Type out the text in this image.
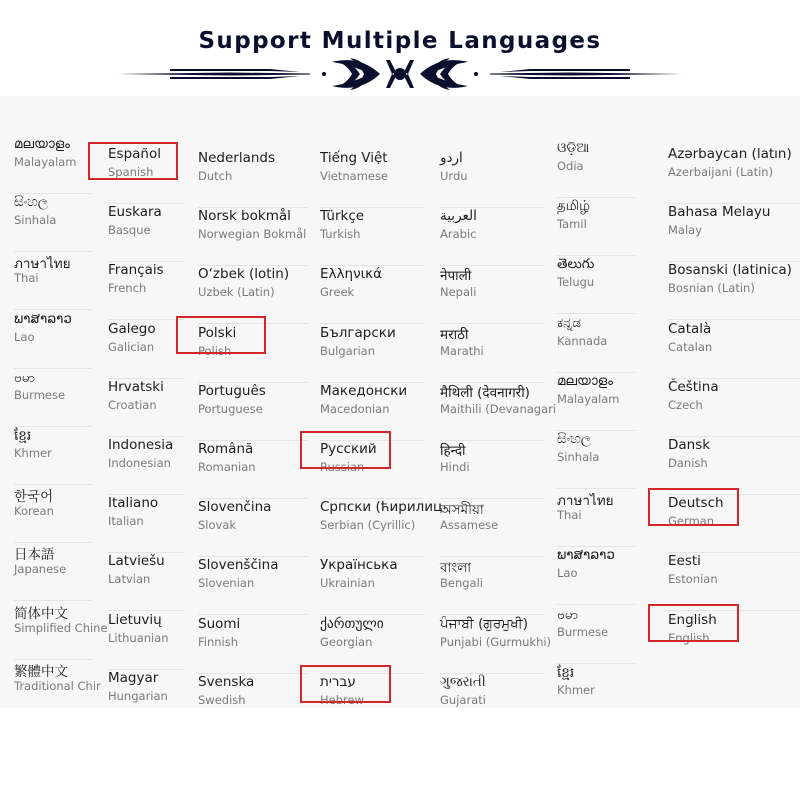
Support Multiple Languages
മലയാളം
Malayalam
සිංහල
Sinhala
ภาษาไทย
Thai
ພາສາລາວ
Lao
ဗမာ
Burmese
ខ្មែរ
Khmer
한국어
Korean
日本語
Japanese
简体中文
Simplified Chine
繁體中文
Traditional Chir
Español
Spanish
Euskara
Basque
Français
French
Galego
Galician
Hrvatski
Croatian
Indonesia
Indonesian
Italiano
Italian
Latviešu
Latvian
Lietuvių
Lithuanian
Magyar
Hungarian
Nederlands
Dutch
Norsk bokmål
Norwegian Bokmål
O‘zbek (lotin)
Uzbek (Latin)
Polski
Polish
Português
Portuguese
Română
Romanian
Slovenčina
Slovak
Slovenščina
Slovenian
Suomi
Finnish
Svenska
Swedish
Tiếng Việt
Vietnamese
Türkçe
Turkish
Ελληνικά
Greek
Български
Bulgarian
Македонски
Macedonian
Русский
Russian
Српски (ћирилиц
Serbian (Cyrillic)
Українська
Ukrainian
ქართული
Georgian
עברית
Hebrew
اردو
Urdu
العربية
Arabic
नेपाली
Nepali
मराठी
Marathi
मैथिली (देवनागरी)
Maithili (Devanagari
हिन्दी
Hindi
অসমীয়া
Assamese
বাংলা
Bengali
ਪੰਜਾਬੀ (ਗੁਰਮੁਖੀ)
Punjabi (Gurmukhi)
ગુજરાતી
Gujarati
ଓଡ଼ିଆ
Odia
தமிழ்
Tamil
తెలుగు
Telugu
ಕನ್ನಡ
Kannada
മലയാളം
Malayalam
සිංහල
Sinhala
ภาษาไทย
Thai
ພາສາລາວ
Lao
ဗမာ
Burmese
ខ្មែរ
Khmer
Azərbaycan (latın)
Azerbaijani (Latin)
Bahasa Melayu
Malay
Bosanski (latinica)
Bosnian (Latin)
Català
Catalan
Čeština
Czech
Dansk
Danish
Deutsch
German
Eesti
Estonian
English
English
